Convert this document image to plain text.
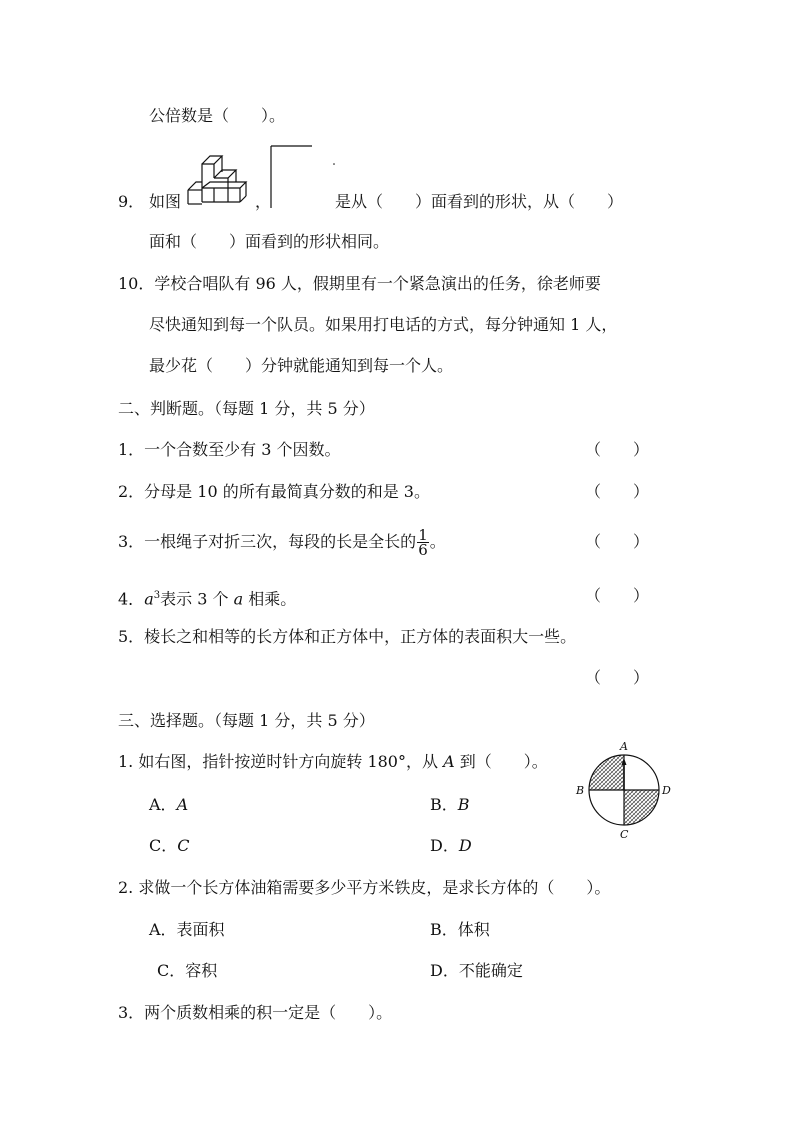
公倍数是（　　）。
9． 如图	，	是从（　　）面看到的形状，从（　　）
面和（　　）面看到的形状相同。
10．学校合唱队有 96 人，假期里有一个紧急演出的任务，徐老师要
尽快通知到每一个队员。如果用打电话的方式，每分钟通知 1 人，
最少花（　　）分钟就能通知到每一个人。
二、判断题。（每题 1 分，共 5 分）
1．一个合数至少有 3 个因数。	（　　）
2．分母是 10 的所有最简真分数的和是 3。	（　　）
3．一根绳子对折三次，每段的长是全长的 $\frac{1}{6}$ 。	（　　）
4．$a^3$表示 3 个 a 相乘。	（　　）
5．棱长之和相等的长方体和正方体中，正方体的表面积大一些。
（　　）
三、选择题。（每题 1 分，共 5 分）
1. 如右图，指针按逆时针方向旋转 180°，从 A 到（　　）。
A．A	B．B
C．C	D．D
A
B	D
C
2. 求做一个长方体油箱需要多少平方米铁皮，是求长方体的（　　）。
A．表面积	B．体积
C．容积	D．不能确定
3．两个质数相乘的积一定是（　　）。
